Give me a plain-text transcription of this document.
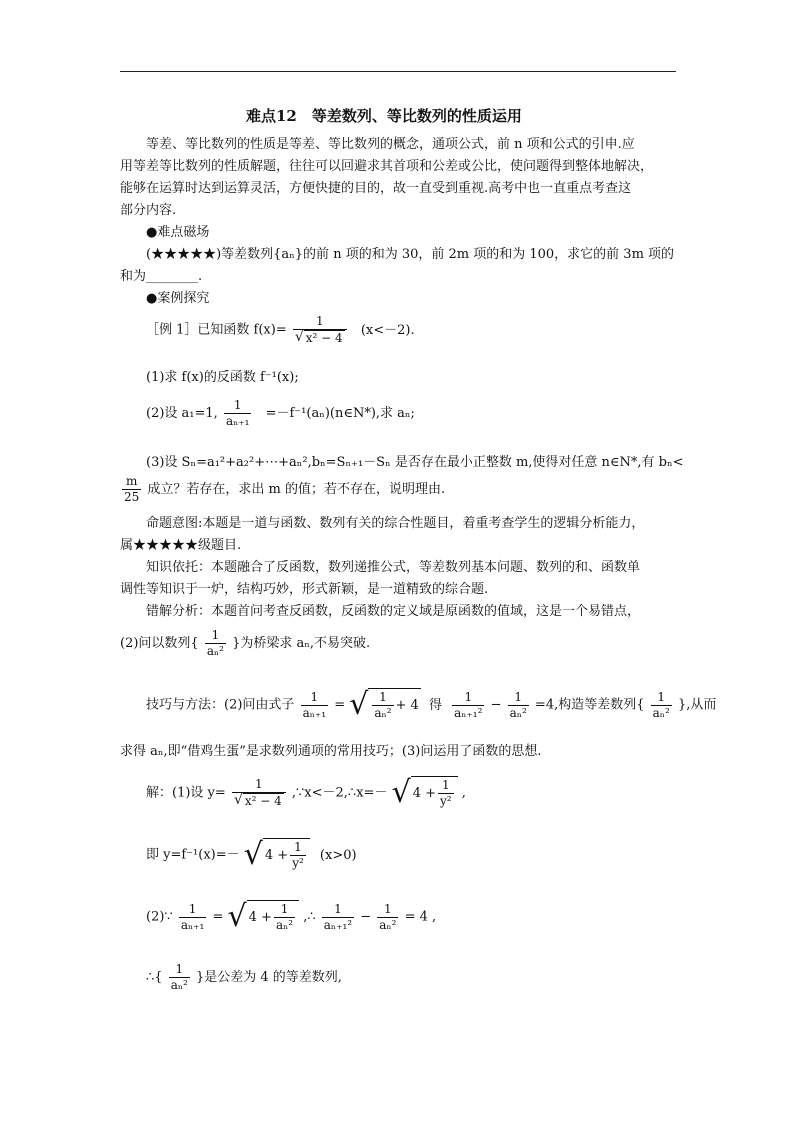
难点12　等差数列、等比数列的性质运用
等差、等比数列的性质是等差、等比数列的概念，通项公式，前 n 项和公式的引申.应
用等差等比数列的性质解题，往往可以回避求其首项和公差或公比，使问题得到整体地解决，
能够在运算时达到运算灵活，方便快捷的目的，故一直受到重视.高考中也一直重点考查这
部分内容.
●难点磁场
(★★★★★)等差数列{aₙ}的前 n 项的和为 30，前 2m 项的和为 100，求它的前 3m 项的
和为________.
●案例探究
［例 1］已知函数 $f(x)= \frac{1}{\text{√ x² − 4}} (x<-2)$.
(1)求 f(x)的反函数 f⁻¹(x);
(2)设 a₁=1, $\frac{1}{\text{aₙ₊₁}}$ =－f⁻¹(aₙ)(n∈N*),求 aₙ;
(3)设 Sₙ=a₁²+a₂²+⋯+aₙ²,bₙ=Sₙ₊₁－Sₙ 是否存在最小正整数 m,使得对任意 n∈N*,有 bₙ<
$\frac{m}{25}$ 成立？若存在，求出 m 的值；若不存在，说明理由.
命题意图:本题是一道与函数、数列有关的综合性题目，着重考查学生的逻辑分析能力，
属★★★★★级题目.
知识依托：本题融合了反函数，数列递推公式，等差数列基本问题、数列的和、函数单
调性等知识于一炉，结构巧妙，形式新颖，是一道精致的综合题.
错解分析：本题首问考查反函数，反函数的定义域是原函数的值域，这是一个易错点，
(2)问以数列{ $\frac{1}{\text{aₙ²}}$ }为桥梁求 aₙ,不易突破.
技巧与方法：(2)问由式子 $\frac{1}{\text{aₙ₊₁}}$ = √ $\frac{1}{\text{aₙ²}} + 4$ 得 $\frac{1}{\text{aₙ₊₁²}} - \frac{1}{\text{aₙ²}} =4$,构造等差数列{ $\frac{1}{\text{aₙ²}}$ },从而
求得 aₙ,即“借鸡生蛋”是求数列通项的常用技巧；(3)问运用了函数的思想.
解：(1)设 $y= \frac{1}{\text{√ x² − 4}}$ ,∵x<－2,∴x=－ √ $4 + \frac{1}{\text{y²}}$ ,
即 y=f⁻¹(x)=－ √ $4 + \frac{1}{\text{y²}} (x>0)$
(2)∵ $\frac{1}{\text{aₙ₊₁}}$ = √ $4 + \frac{1}{\text{aₙ²}}$ ,∴ $\frac{1}{\text{aₙ₊₁²}} - \frac{1}{\text{aₙ²}} = 4$ ,
∴{ $\frac{1}{\text{aₙ²}}$ }是公差为 4 的等差数列,
